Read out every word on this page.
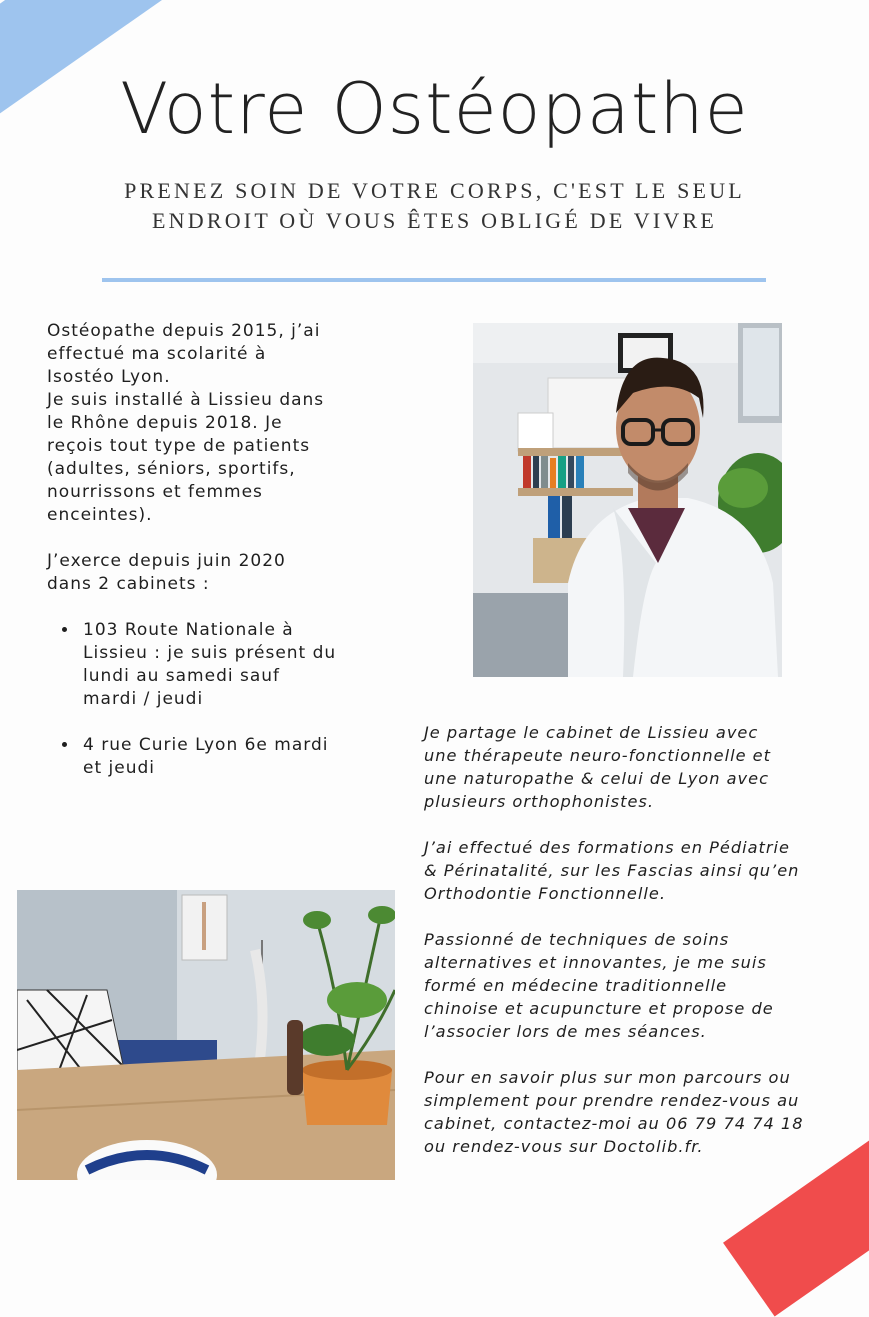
Votre Ostéopathe
PRENEZ SOIN DE VOTRE CORPS, C'EST LE SEUL
ENDROIT OÙ VOUS ÊTES OBLIGÉ DE VIVRE

Ostéopathe depuis 2015, j’ai
effectué ma scolarité à
Isostéo Lyon.
Je suis installé à Lissieu dans
le Rhône depuis 2018. Je
reçois tout type de patients
(adultes, séniors, sportifs,
nourrissons et femmes
enceintes).

J’exerce depuis juin 2020
dans 2 cabinets :

• 103 Route Nationale à
Lissieu : je suis présent du
lundi au samedi sauf
mardi / jeudi
• 4 rue Curie Lyon 6e mardi
et jeudi

Je partage le cabinet de Lissieu avec
une thérapeute neuro-fonctionnelle et
une naturopathe & celui de Lyon avec
plusieurs orthophonistes.

J’ai effectué des formations en Pédiatrie
& Périnatalité, sur les Fascias ainsi qu’en
Orthodontie Fonctionnelle.

Passionné de techniques de soins
alternatives et innovantes, je me suis
formé en médecine traditionnelle
chinoise et acupuncture et propose de
l’associer lors de mes séances.

Pour en savoir plus sur mon parcours ou
simplement pour prendre rendez-vous au
cabinet, contactez-moi au 06 79 74 74 18
ou rendez-vous sur Doctolib.fr.
